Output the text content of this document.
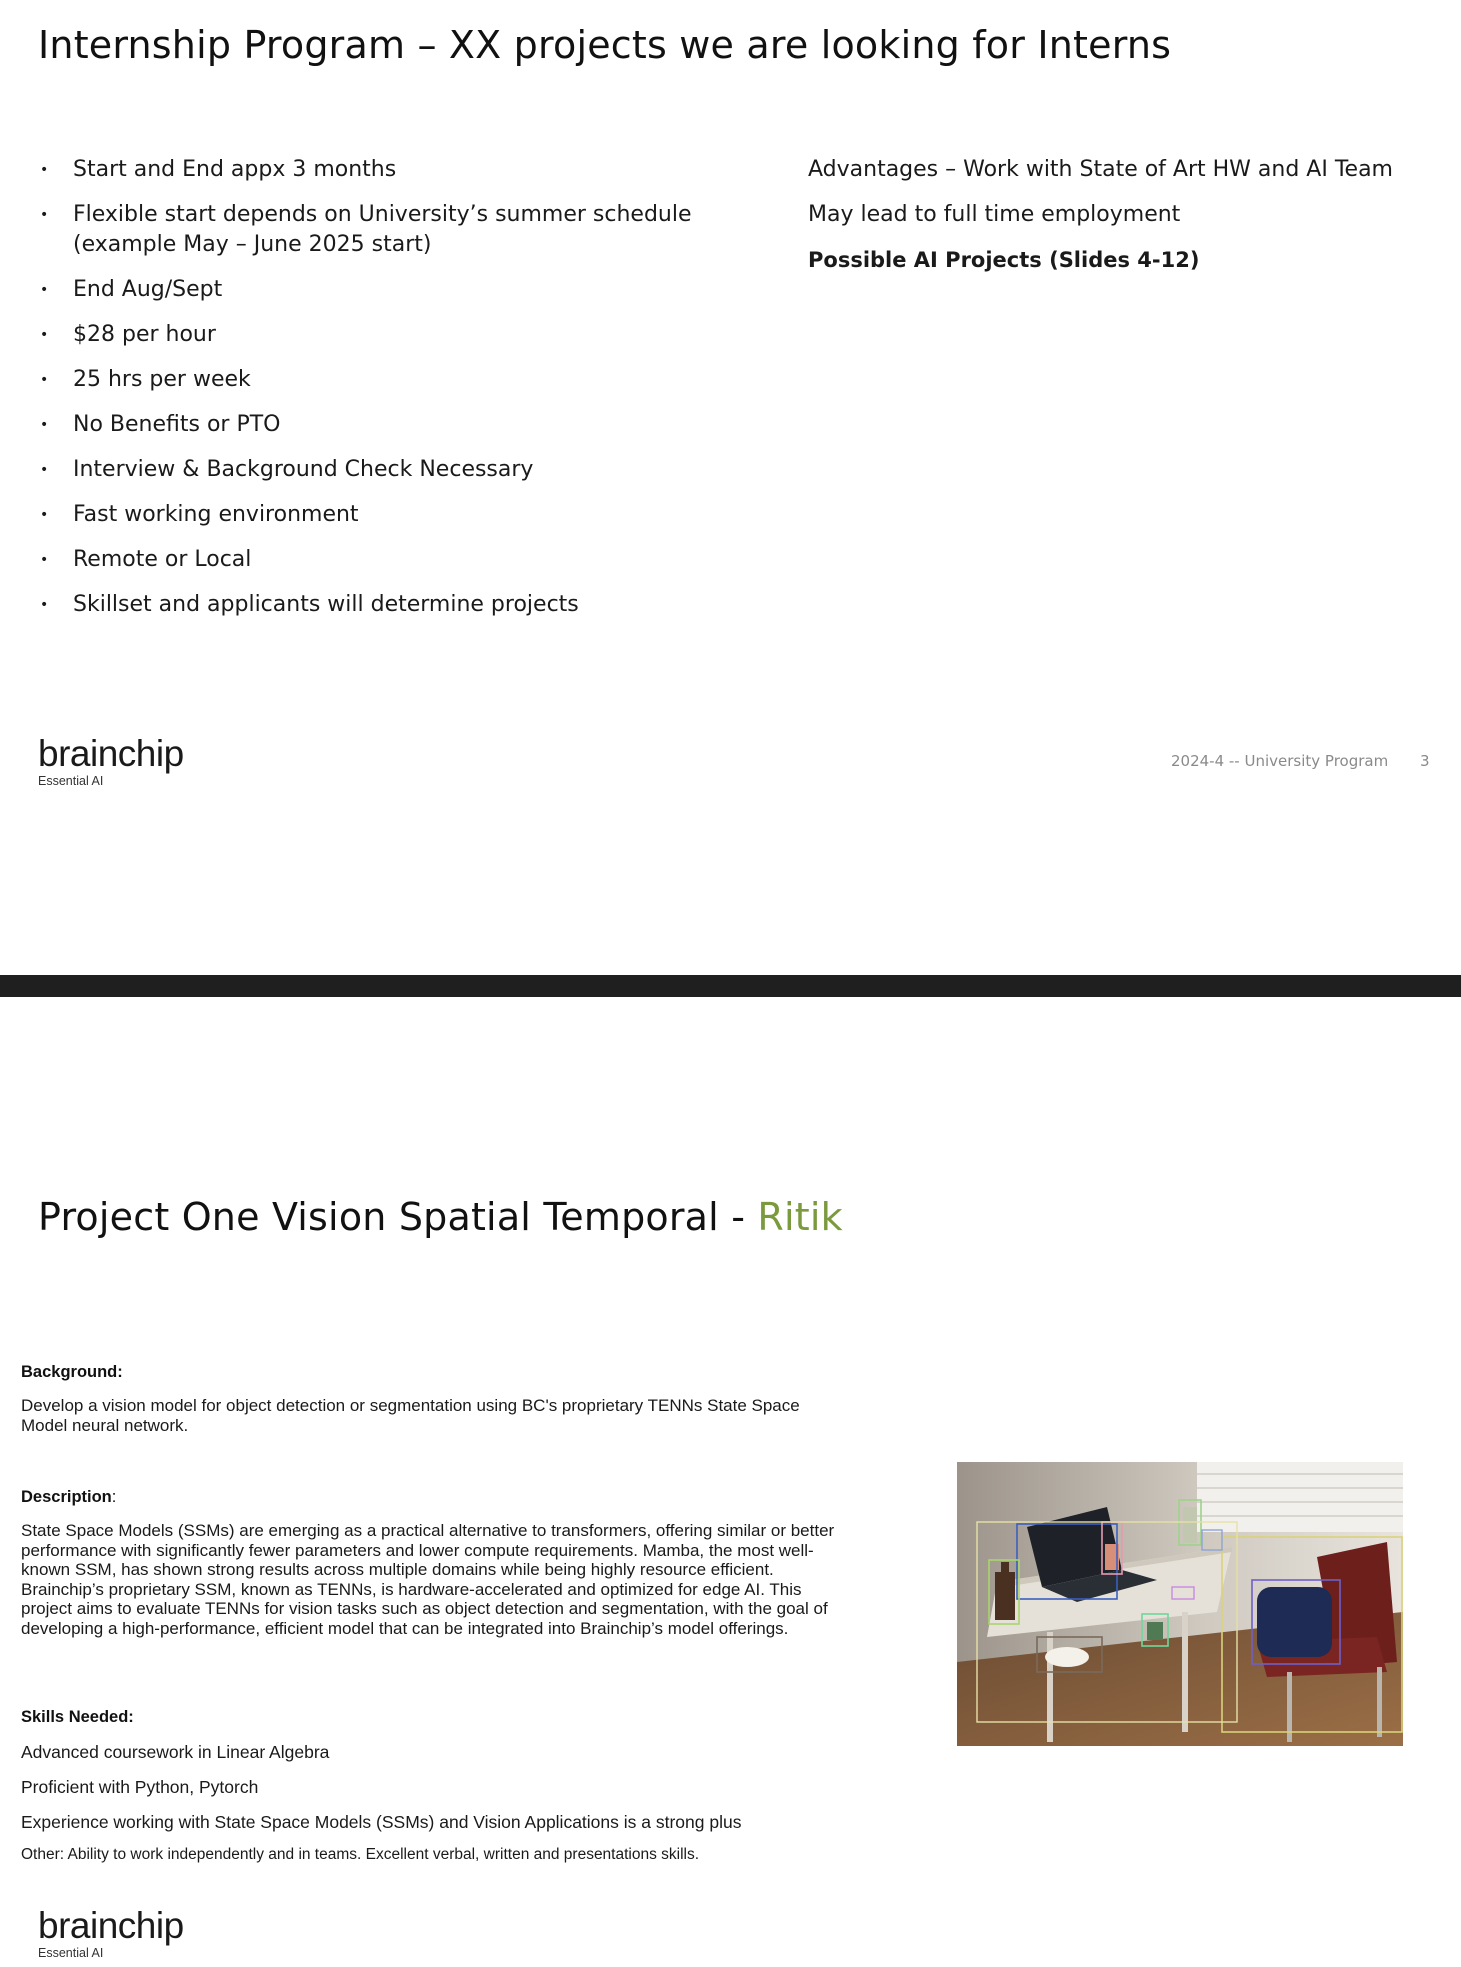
Internship Program – XX projects we are looking for Interns
• Start and End appx 3 months
• Flexible start depends on University’s summer schedule (example May – June 2025 start)
• End Aug/Sept
• $28 per hour
• 25 hrs per week
• No Benefits or PTO
• Interview & Background Check Necessary
• Fast working environment
• Remote or Local
• Skillset and applicants will determine projects

Advantages – Work with State of Art HW and AI Team

May lead to full time employment

Possible AI Projects (Slides 4-12)

brainchip
Essential AI
2024-4 -- University Program 3
Project One Vision Spatial Temporal - Ritik
Background:
Develop a vision model for object detection or segmentation using BC's proprietary TENNs State Space Model neural network.
Description:
State Space Models (SSMs) are emerging as a practical alternative to transformers, offering similar or better performance with significantly fewer parameters and lower compute requirements. Mamba, the most well-known SSM, has shown strong results across multiple domains while being highly resource efficient. Brainchip’s proprietary SSM, known as TENNs, is hardware-accelerated and optimized for edge AI. This project aims to evaluate TENNs for vision tasks such as object detection and segmentation, with the goal of developing a high-performance, efficient model that can be integrated into Brainchip’s model offerings.
Skills Needed:
Advanced coursework in Linear Algebra
Proficient with Python, Pytorch
Experience working with State Space Models (SSMs) and Vision Applications is a strong plus
Other: Ability to work independently and in teams. Excellent verbal, written and presentations skills.
brainchip
Essential AI
